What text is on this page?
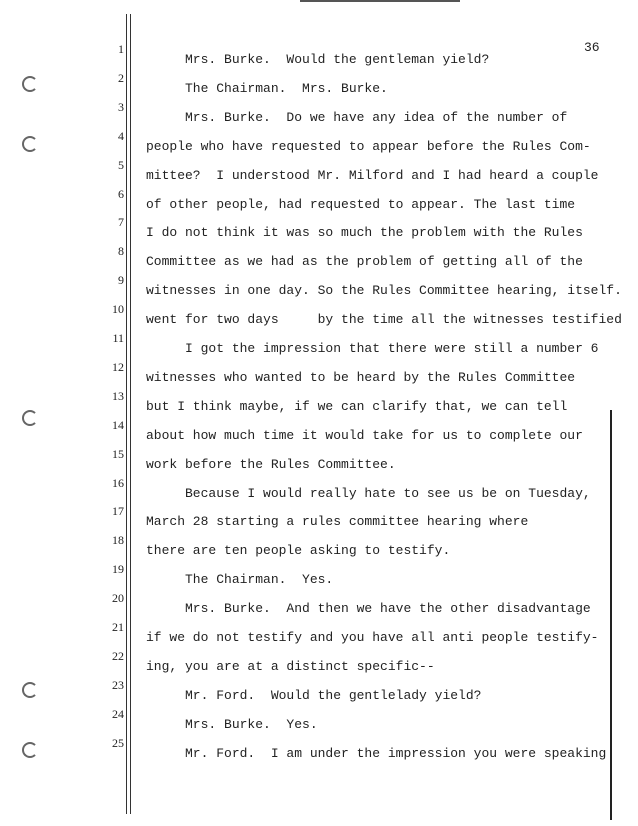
36
1
2
3
4
5
6
7
8
9
10
11
12
13
14
15
16
17
18
19
20
21
22
23
24
25
Mrs. Burke.  Would the gentleman yield?
The Chairman.  Mrs. Burke.
Mrs. Burke.  Do we have any idea of the number of
people who have requested to appear before the Rules Com-
mittee?  I understood Mr. Milford and I had heard a couple
of other people, had requested to appear. The last time
I do not think it was so much the problem with the Rules
Committee as we had as the problem of getting all of the
witnesses in one day. So the Rules Committee hearing, itself.
went for two days     by the time all the witnesses testified
I got the impression that there were still a number 6
witnesses who wanted to be heard by the Rules Committee
but I think maybe, if we can clarify that, we can tell
about how much time it would take for us to complete our
work before the Rules Committee.
Because I would really hate to see us be on Tuesday,
March 28 starting a rules committee hearing where
there are ten people asking to testify.
The Chairman.  Yes.
Mrs. Burke.  And then we have the other disadvantage
if we do not testify and you have all anti people testify-
ing, you are at a distinct specific--
Mr. Ford.  Would the gentlelady yield?
Mrs. Burke.  Yes.
Mr. Ford.  I am under the impression you were speaking
